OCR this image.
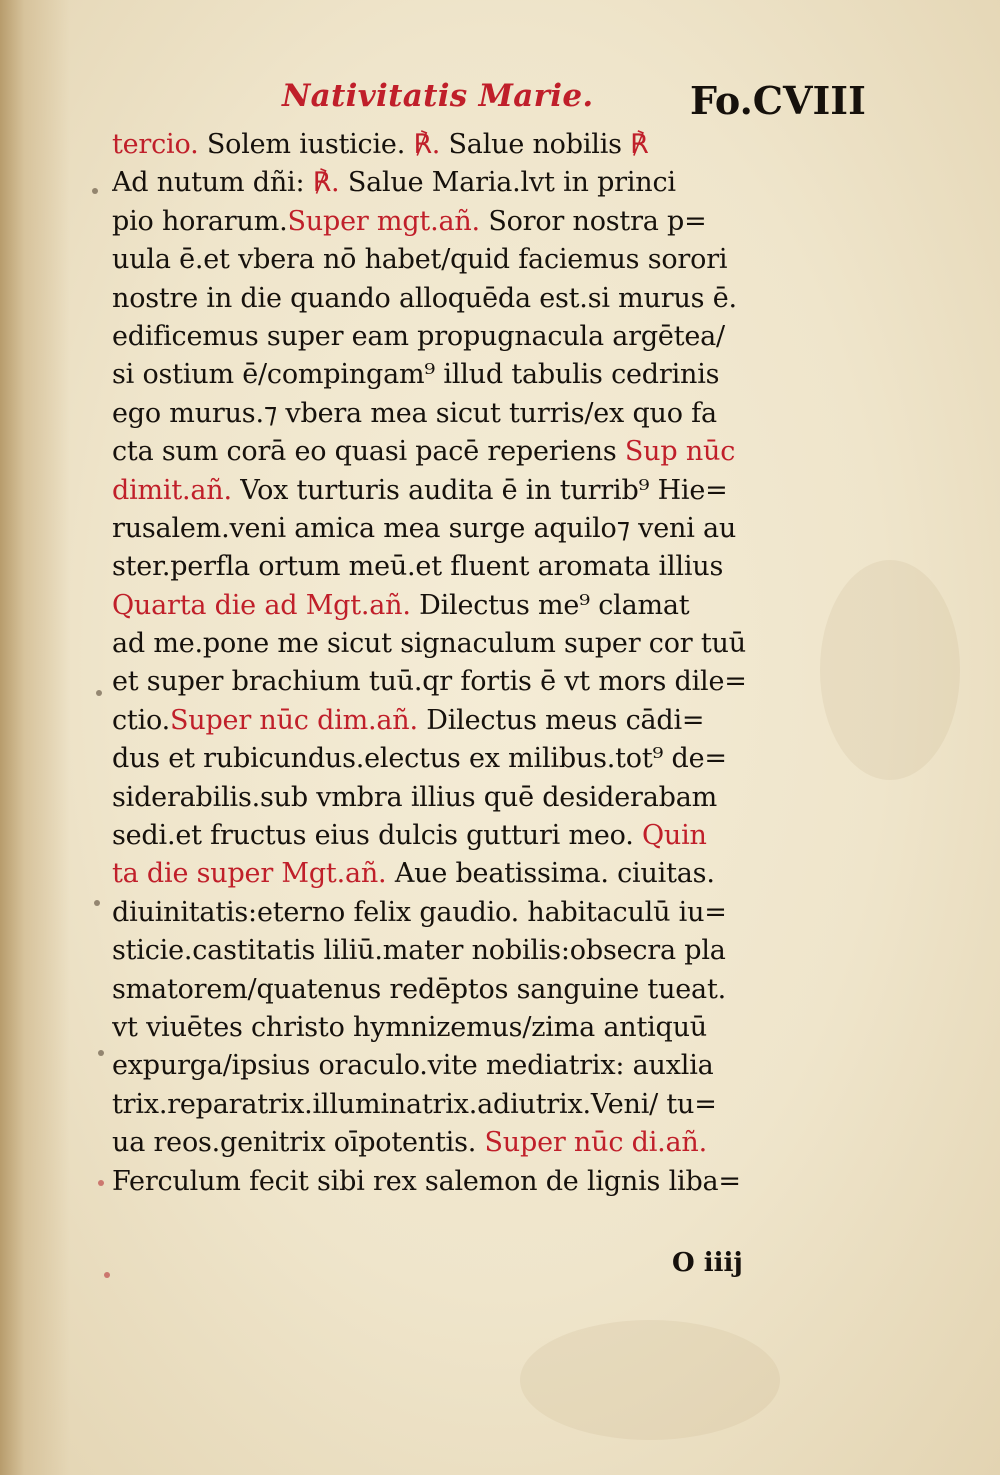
Nativitatis Marie.	Fo.CVIII

tercio. Solem iusticie. ℟. Salue nobilis ℟

Ad nutum dñi: ℟. Salue Maria.lvt in princi

pio horarum.Super mgt.añ. Soror nostra p=

uula ē.et vbera nō habet/quid faciemus sorori

nostre in die quando alloquēda est.si murus ē.

edificemus super eam propugnacula argētea/

si ostium ē/compingam⁹ illud tabulis cedrinis

ego murus.⁊ vbera mea sicut turris/ex quo fa

cta sum corā eo quasi pacē reperiens Sup nūc

dimit.añ. Vox turturis audita ē in turrib⁹ Hie=

rusalem.veni amica mea surge aquilo⁊ veni au

ster.perfla ortum meū.et fluent aromata illius

Quarta die ad Mgt.añ. Dilectus me⁹ clamat

ad me.pone me sicut signaculum super cor tuū

et super brachium tuū.qr fortis ē vt mors dile=

ctio.Super nūc dim.añ. Dilectus meus cādi=

dus et rubicundus.electus ex milibus.tot⁹ de=

siderabilis.sub vmbra illius quē desiderabam

sedi.et fructus eius dulcis gutturi meo. Quin

ta die super Mgt.añ. Aue beatissima. ciuitas.

diuinitatis:eterno felix gaudio. habitaculū iu=

sticie.castitatis liliū.mater nobilis:obsecra pla

smatorem/quatenus redēptos sanguine tueat.

vt viuētes christo hymnizemus/zima antiquū

expurga/ipsius oraculo.vite mediatrix: auxlia

trix.reparatrix.illuminatrix.adiutrix.Veni/ tu=

ua reos.genitrix oīpotentis. Super nūc di.añ.

Ferculum fecit sibi rex salemon de lignis liba=

O iiij
